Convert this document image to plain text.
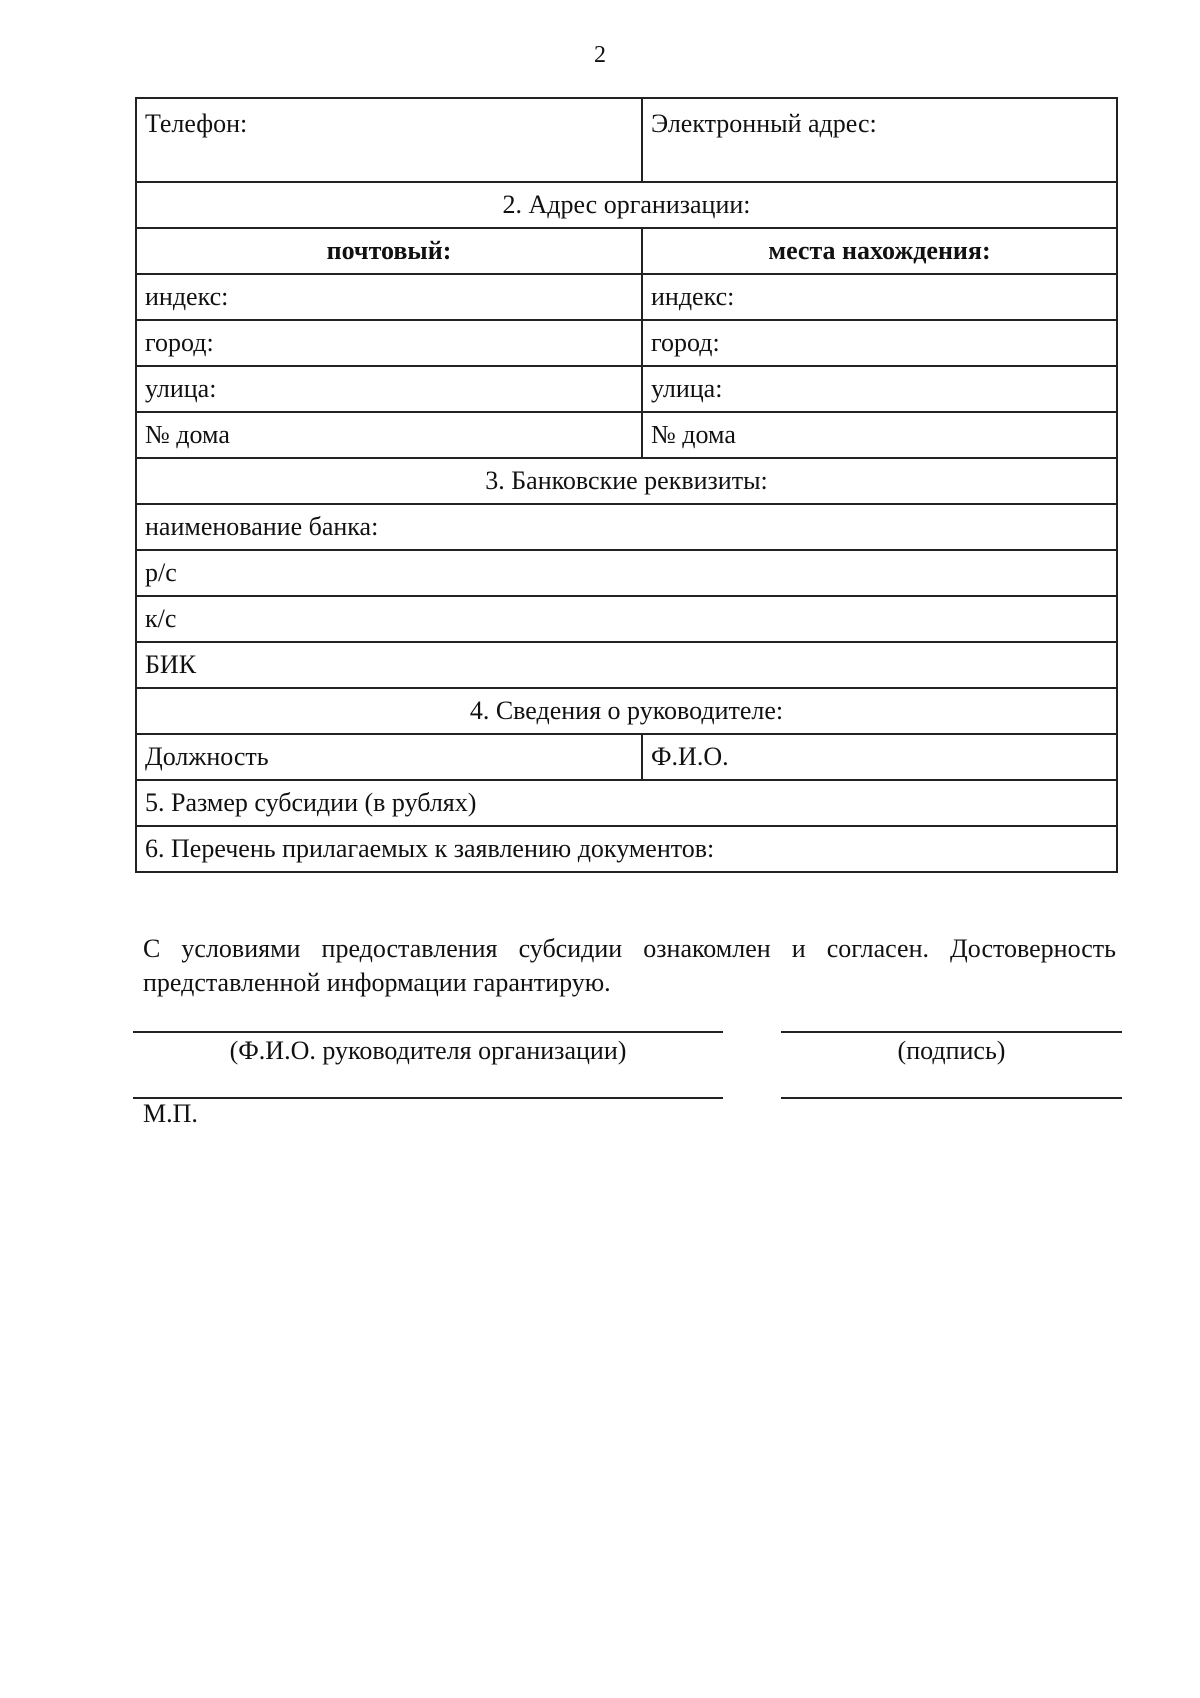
2
Телефон:	Электронный адрес:
2. Адрес организации:	
почтовый:	места нахождения:
индекс:	индекс:
город:	город:
улица:	улица:
№ дома	№ дома
3. Банковские реквизиты:	
наименование банка:	
р/с	
к/с	
БИК	
4. Сведения о руководителе:	
Должность	Ф.И.О.
5. Размер субсидии (в рублях)	
6. Перечень прилагаемых к заявлению документов:	
С условиями предоставления субсидии ознакомлен и согласен. Достоверность представленной информации гарантирую.
(Ф.И.О. руководителя организации)	(подпись)
М.П.
